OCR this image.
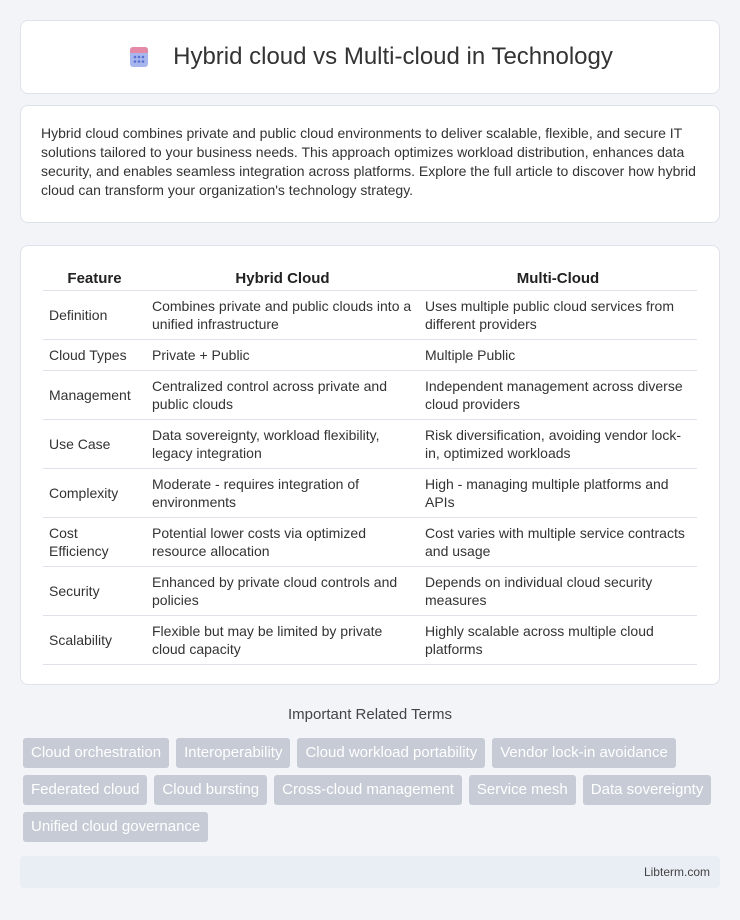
Hybrid cloud vs Multi-cloud in Technology

Hybrid cloud combines private and public cloud environments to deliver scalable, flexible, and secure IT solutions tailored to your business needs. This approach optimizes workload distribution, enhances data security, and enables seamless integration across platforms. Explore the full article to discover how hybrid cloud can transform your organization's technology strategy.

Feature	Hybrid Cloud	Multi-Cloud
Definition	Combines private and public clouds into a unified infrastructure	Uses multiple public cloud services from different providers
Cloud Types	Private + Public	Multiple Public
Management	Centralized control across private and public clouds	Independent management across diverse cloud providers
Use Case	Data sovereignty, workload flexibility, legacy integration	Risk diversification, avoiding vendor lock-in, optimized workloads
Complexity	Moderate - requires integration of environments	High - managing multiple platforms and APIs
Cost Efficiency	Potential lower costs via optimized resource allocation	Cost varies with multiple service contracts and usage
Security	Enhanced by private cloud controls and policies	Depends on individual cloud security measures
Scalability	Flexible but may be limited by private cloud capacity	Highly scalable across multiple cloud platforms
Important Related Terms
Cloud orchestration	Interoperability	Cloud workload portability	Vendor lock-in avoidance
Federated cloud	Cloud bursting	Cross-cloud management	Service mesh	Data sovereignty
Unified cloud governance
Libterm.com
